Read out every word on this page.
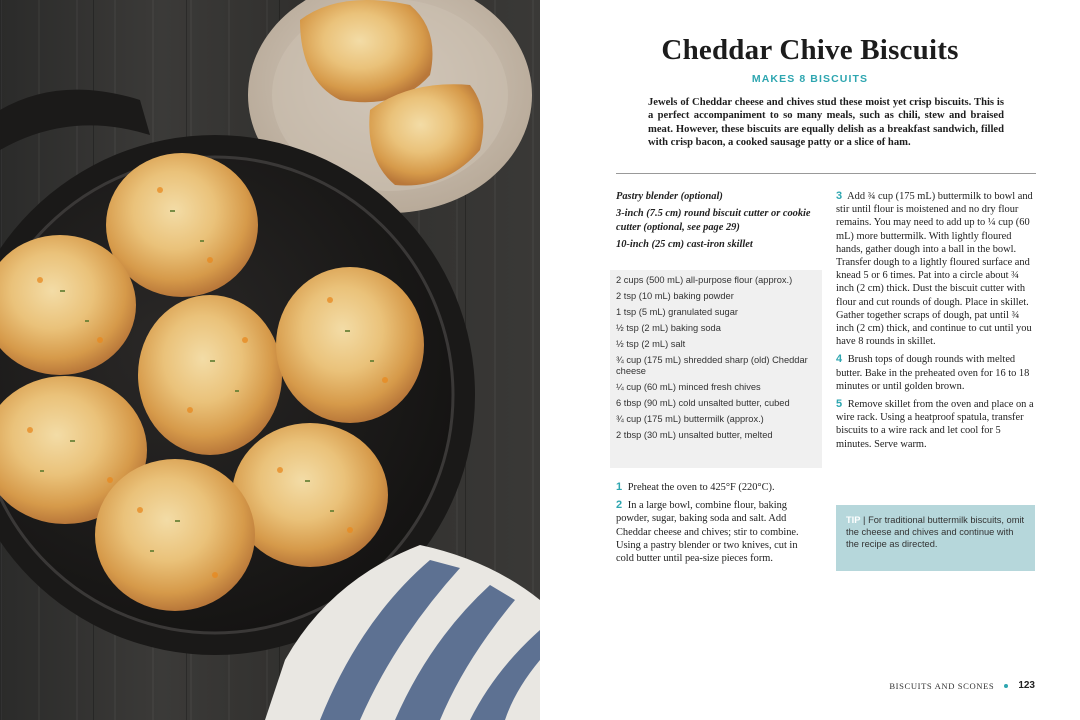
Cheddar Chive Biscuits
MAKES 8 BISCUITS

Jewels of Cheddar cheese and chives stud these moist yet crisp biscuits. This is a perfect accompaniment to so many meals, such as chili, stew and braised meat. However, these biscuits are equally delish as a breakfast sandwich, filled with crisp bacon, a cooked sausage patty or a slice of ham.

Pastry blender (optional)
3-inch (7.5 cm) round biscuit cutter or cookie cutter (optional, see page 29)
10-inch (25 cm) cast-iron skillet
2 cups (500 mL) all-purpose flour (approx.)
2 tsp (10 mL) baking powder
1 tsp (5 mL) granulated sugar
½ tsp (2 mL) baking soda
½ tsp (2 mL) salt
¾ cup (175 mL) shredded sharp (old) Cheddar cheese
¼ cup (60 mL) minced fresh chives
6 tbsp (90 mL) cold unsalted butter, cubed
¾ cup (175 mL) buttermilk (approx.)
2 tbsp (30 mL) unsalted butter, melted
1 Preheat the oven to 425°F (220°C).
2 In a large bowl, combine flour, baking powder, sugar, baking soda and salt. Add Cheddar cheese and chives; stir to combine. Using a pastry blender or two knives, cut in cold butter until pea-size pieces form.
3 Add ¾ cup (175 mL) buttermilk to bowl and stir until flour is moistened and no dry flour remains. You may need to add up to ¼ cup (60 mL) more buttermilk. With lightly floured hands, gather dough into a ball in the bowl. Transfer dough to a lightly floured surface and knead 5 or 6 times. Pat into a circle about ¾ inch (2 cm) thick. Dust the biscuit cutter with flour and cut rounds of dough. Place in skillet. Gather together scraps of dough, pat until ¾ inch (2 cm) thick, and continue to cut until you have 8 rounds in skillet.
4 Brush tops of dough rounds with melted butter. Bake in the preheated oven for 16 to 18 minutes or until golden brown.
5 Remove skillet from the oven and place on a wire rack. Using a heatproof spatula, transfer biscuits to a wire rack and let cool for 5 minutes. Serve warm.
TIP | For traditional buttermilk biscuits, omit the cheese and chives and continue with the recipe as directed.
BISCUITS AND SCONES 123
